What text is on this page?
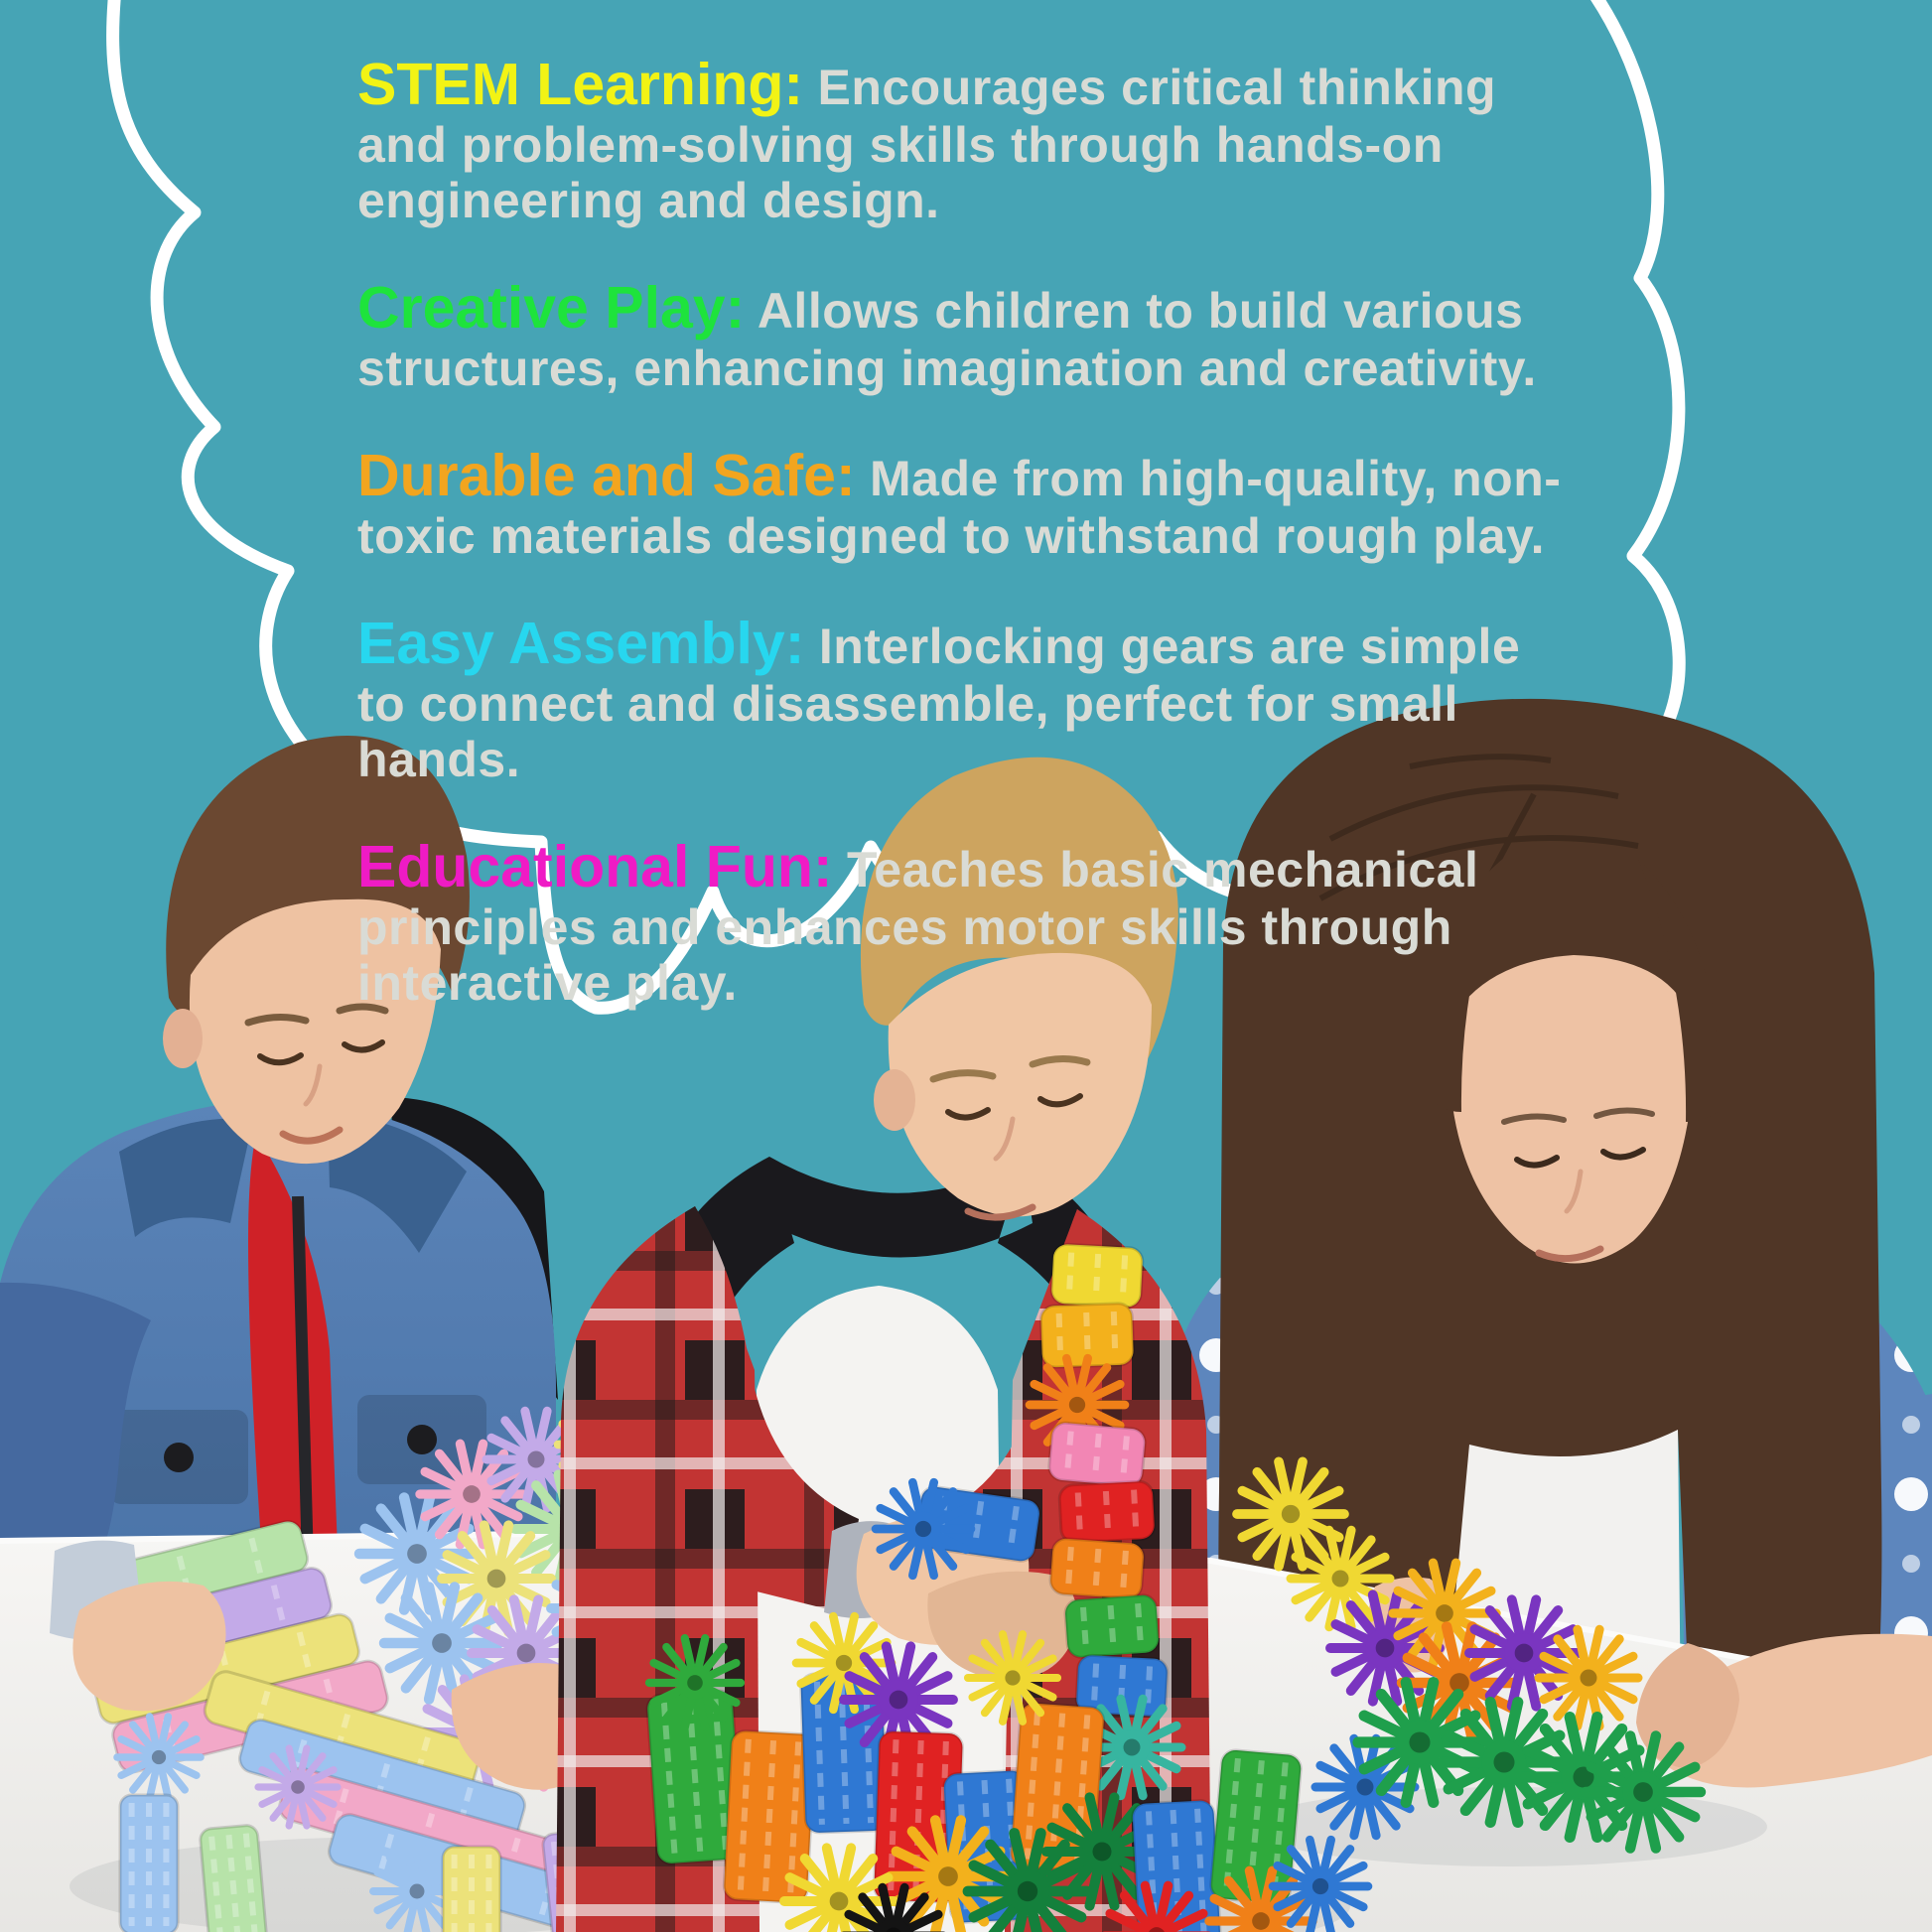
STEM Learning: Encourages critical thinking and problem-solving skills through hands-on engineering and design.
Creative Play: Allows children to build various structures, enhancing imagination and creativity.
Durable and Safe: Made from high-quality, non-toxic materials designed to withstand rough play.
Easy Assembly: Interlocking gears are simple to connect and disassemble, perfect for small hands.
Educational Fun: Teaches basic mechanical principles and enhances motor skills through interactive play.
